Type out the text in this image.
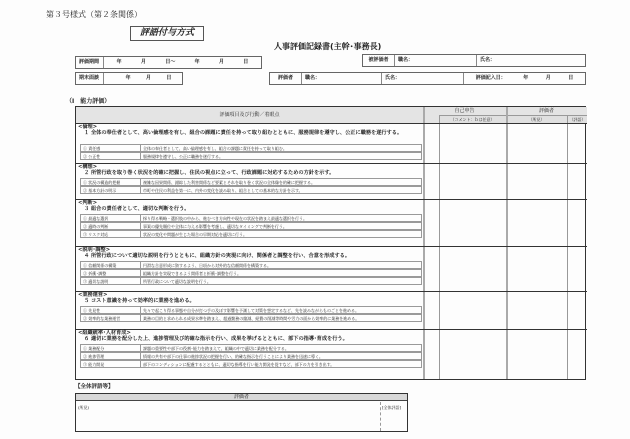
第３号様式（第２条関係）
評語付与方式
人事評価記録書(主幹･事務長)
評価期間	年	月	日～	年	月	日	被評価者	職名：	氏名：
期末面談	年	月	日	評価者	職名：	氏名：	評価記入日：	年	月	日
（Ⅰ　能力評価）
評価項目及び行動／着眼点
自己申告
（コメント：ｂは任意）
評価者
（所見）	（評語）
<倫理>
１ 全体の奉仕者として、高い倫理感を有し、組合の課題に責任を持って取り組むとともに、服務規律を遵守し、公正に職務を遂行する。
① 責任感	全体の奉仕者として、高い倫理感を有し、組合の課題に責任を持って取り組む。
② 公正性	服務規律を遵守し、公正に職務を遂行する。
<構想>
２ 所管行政を取り巻く状況を的確に把握し、住民の視点に立って、行政課題に対応するための方針を示す。
① 状況の構造的把握	複雑な因果関係、錯綜した利害関係など要素とそれを取り巻く状況の全体像を的確に把握する。
② 基本方針の明示	市町や住民の利益を第一に、内外の変化を読み取り、組合としての基本的な方針を示す。
<判断>
３ 組合の責任者として、適切な判断を行う。
① 最適な選択	採り得る戦略・選択肢の中から、進むべき方向性や現在の状況を踏まえ最適な選択を行う。
② 適時の判断	事案の優先順位や全体に与える影響を考慮し、適切なタイミングで判断を行う。
③ リスク対応	状況の変化や問題が生じた場合の早期対応を適切に行う。
<説明･調整>
４ 所管行政について適切な説明を行うとともに、組織方針の実現に向け、関係者と調整を行い、合意を形成する。
① 信頼関係の構築	円滑な合意形成に資するよう、日頃から対外的な信頼関係を構築する。
② 折衝･調整	組織方針を実現できるよう関係者と折衝･調整を行う。
③ 適切な説明	所管行政について適切な説明を行う。
<業務運営>
５ コスト意識を持って効率的に業務を進める。
① 先見性	先々で起こり得る事態や自分が打つ手の及ぼす影響を予測して対策を想定するなど、先を読みながらものごとを進める。
② 効率的な業務運営	業務の目的と求められる成果水準を踏まえ、超過勤務の縮減、経費の削減等時間や労力の面から効率的に業務を進める。
<組織統率･人材育成>
６ 適切に業務を配分した上、進捗管理及び的確な指示を行い、成果を挙げるとともに、部下の指導･育成を行う。
① 業務配分	課題の重要性や部下の役割･能力を踏まえて、組織の中で適切に業務を配分する。
② 進捗管理	情報の共有や部下の仕事の進捗状況の把握を行い、的確な指示を行うことにより業務を迅速に導く。
③ 能力開発	部下のコンディションに配慮するとともに、適切な指導を行い能力開発を促すなど、部下の力を引き出す。
【全体評語等】
評価者
(所見)	[全体評語]
